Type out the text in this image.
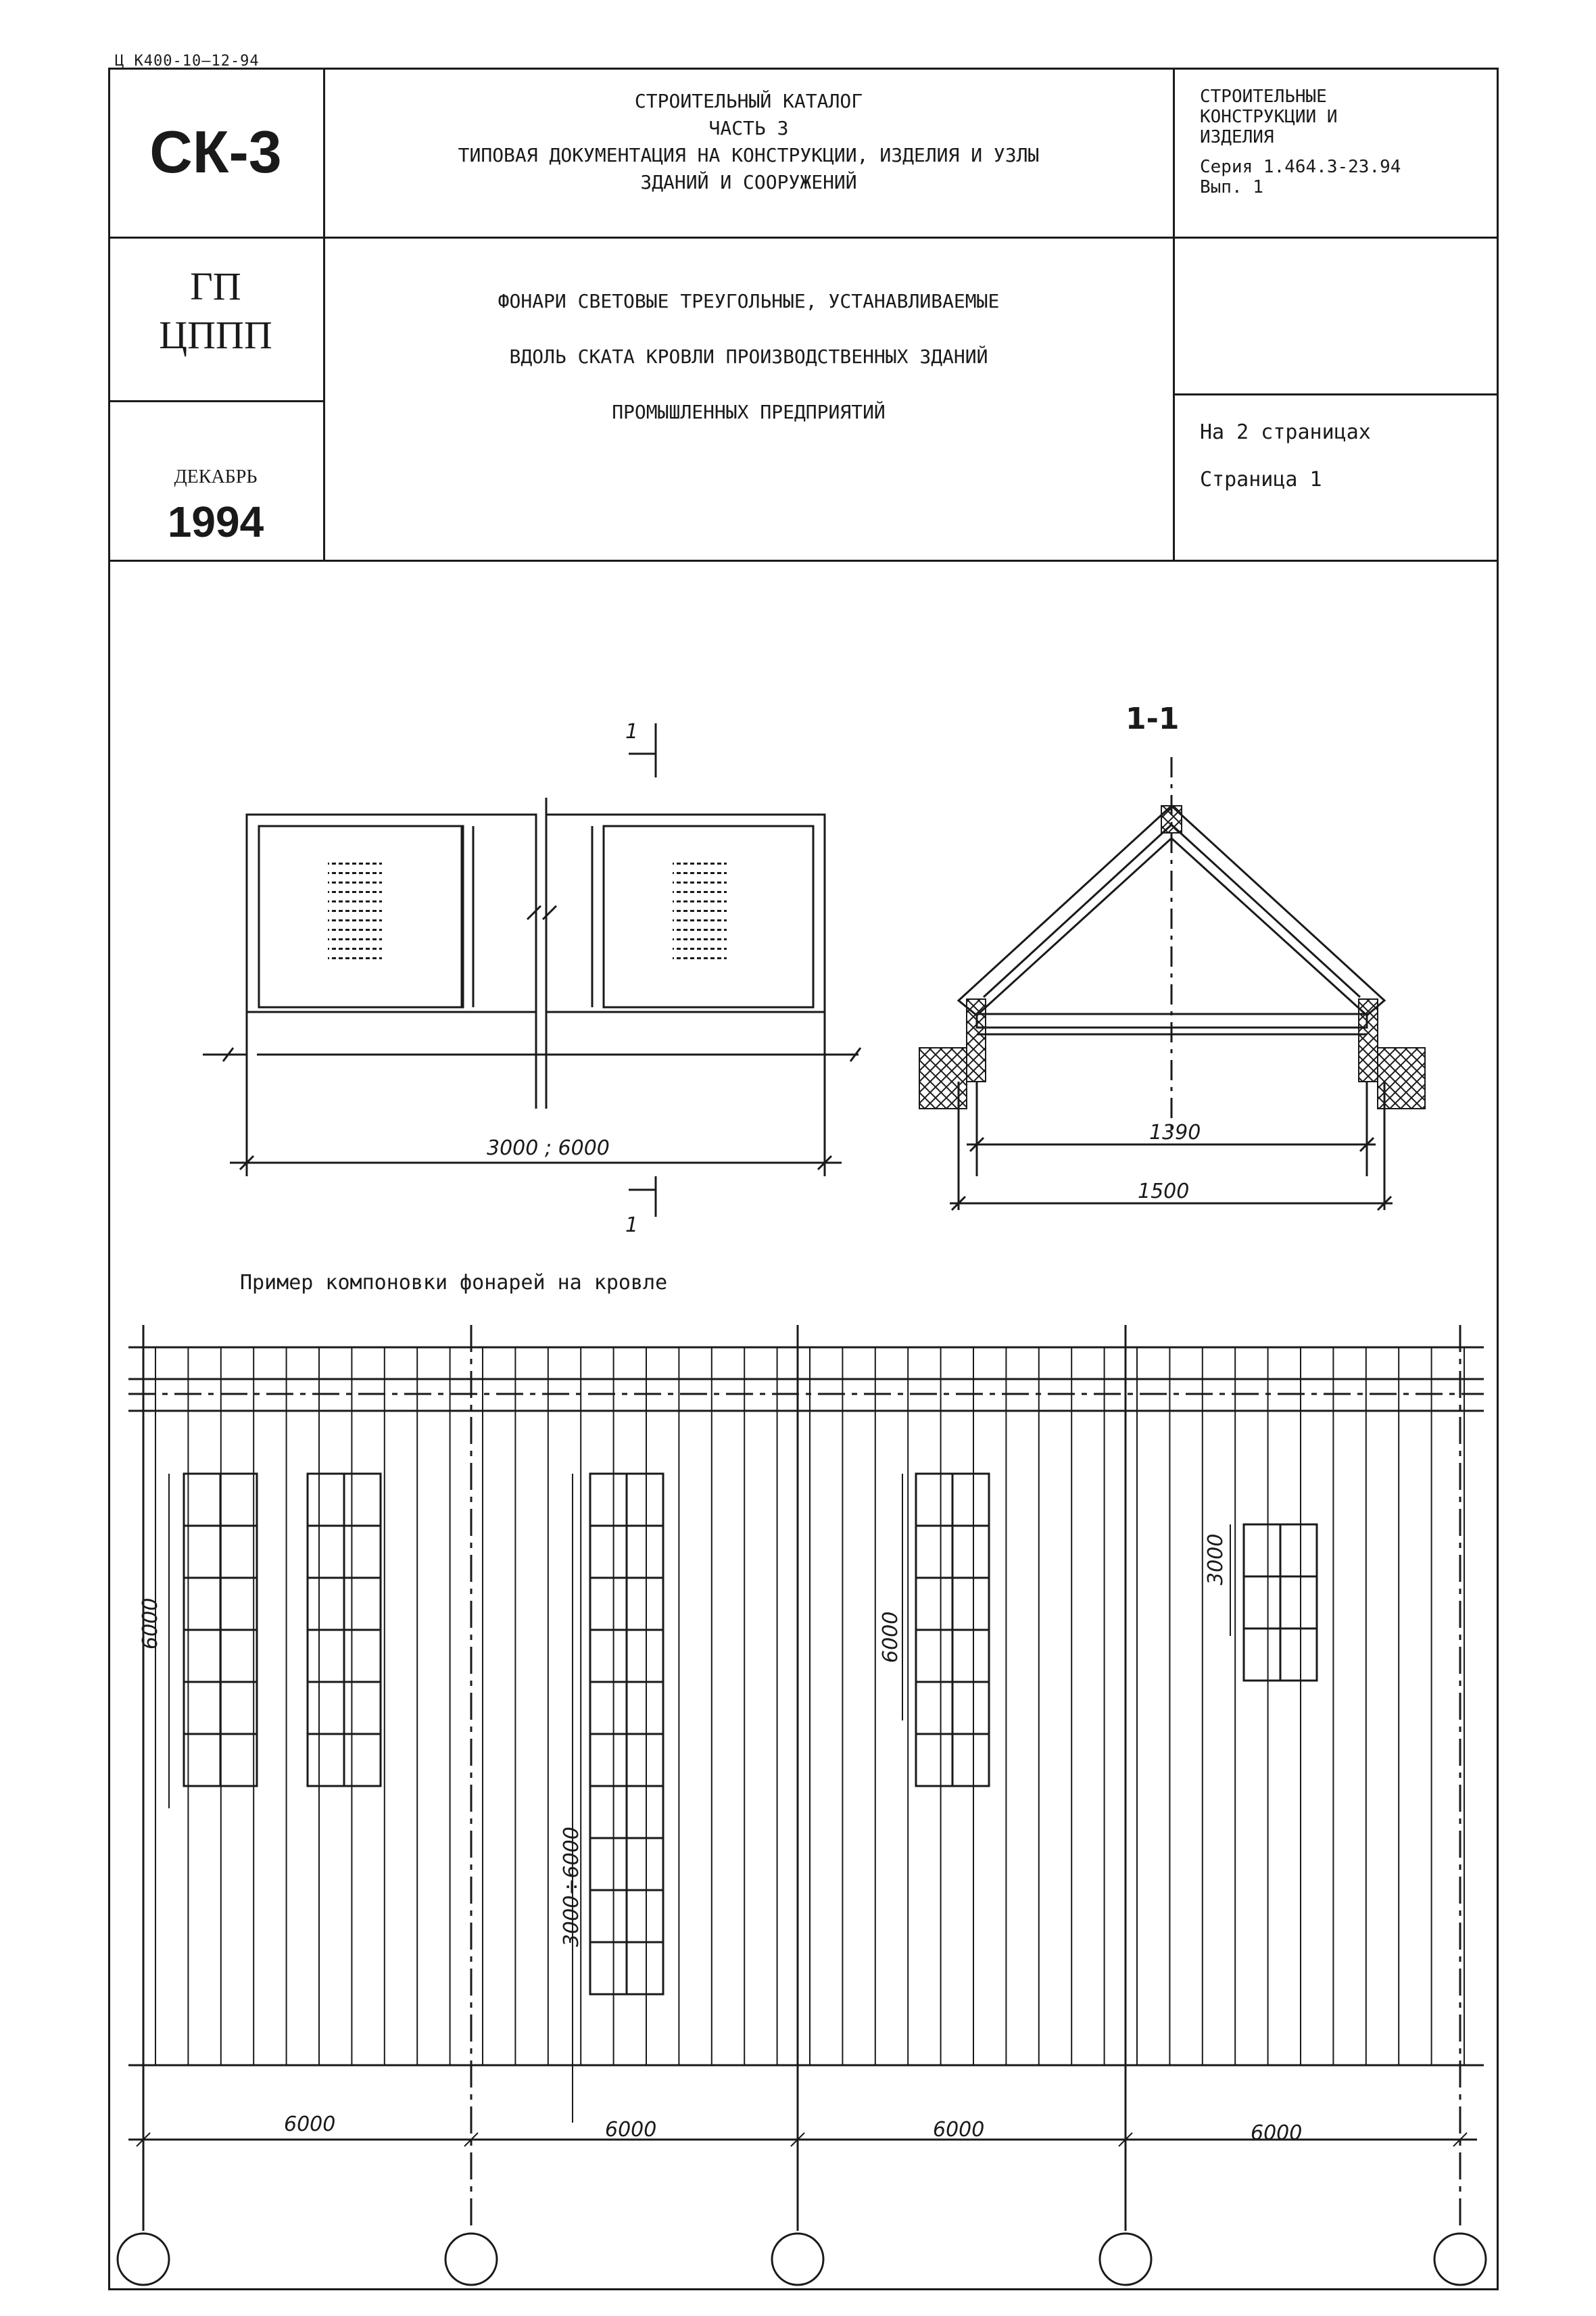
Ц К400-10—12-94
СК-3
ГП
ЦППП
ДЕКАБРЬ
1994
СТРОИТЕЛЬНЫЙ КАТАЛОГ
ЧАСТЬ 3
ТИПОВАЯ ДОКУМЕНТАЦИЯ НА КОНСТРУКЦИИ, ИЗДЕЛИЯ И УЗЛЫ
ЗДАНИЙ И СООРУЖЕНИЙ
СТРОИТЕЛЬНЫЕ
КОНСТРУКЦИИ И
ИЗДЕЛИЯ
Серия 1.464.3-23.94
Вып. 1
ФОНАРИ СВЕТОВЫЕ ТРЕУГОЛЬНЫЕ, УСТАНАВЛИВАЕМЫЕ
ВДОЛЬ СКАТА КРОВЛИ ПРОИЗВОДСТВЕННЫХ ЗДАНИЙ
ПРОМЫШЛЕННЫХ ПРЕДПРИЯТИЙ
На 2 страницах
Страница 1
Пример компоновки фонарей на кровле
1
1
3000 ; 6000
1-1
1390
1500
6000
3000÷6000
6000
3000
6000	6000	6000	6000
